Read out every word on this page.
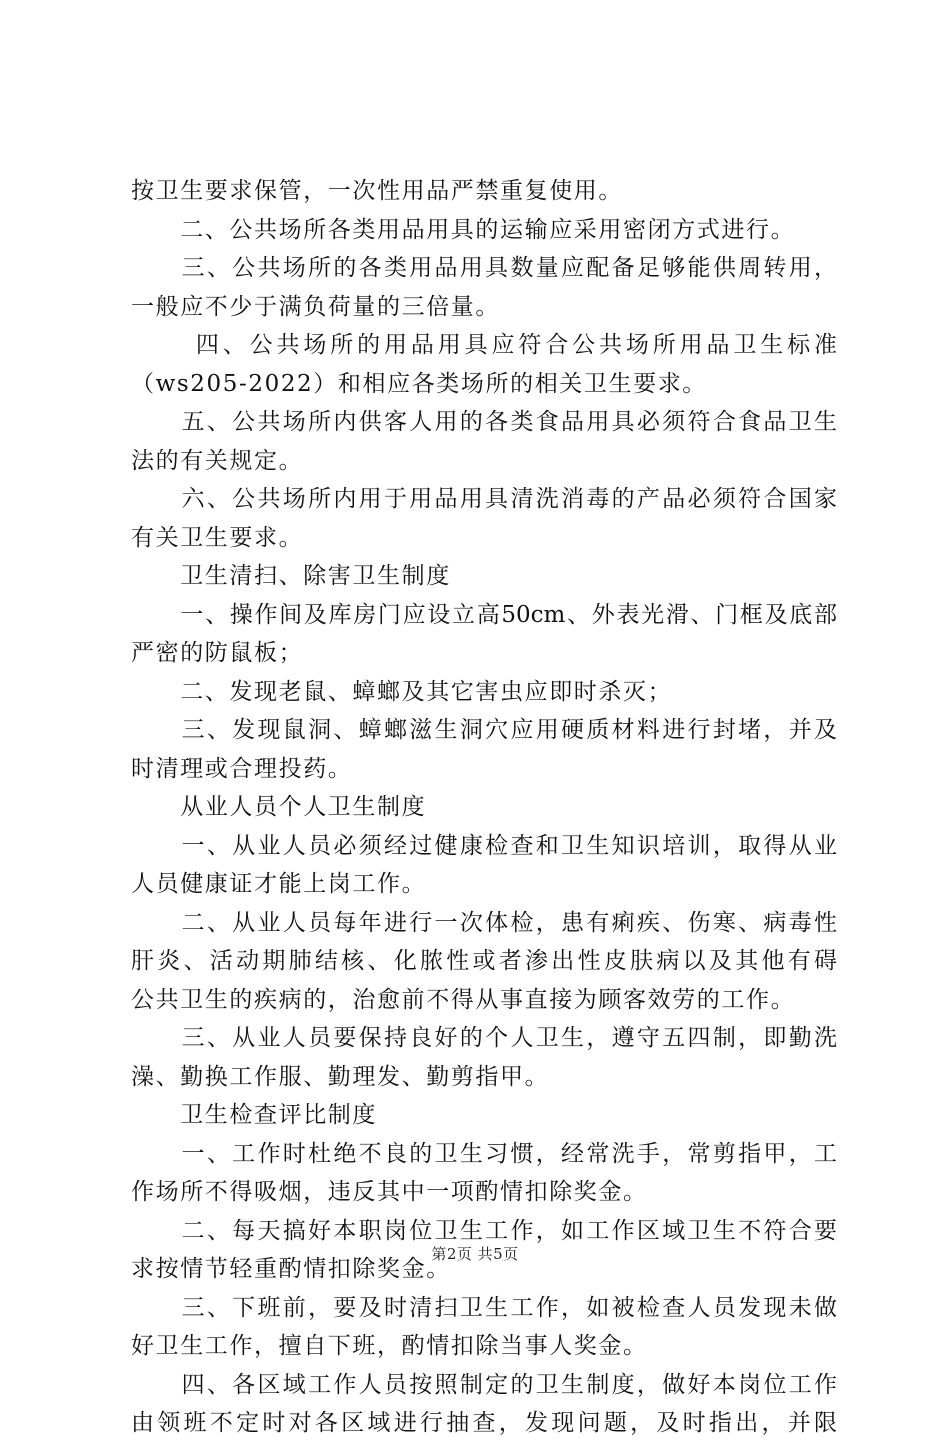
按卫生要求保管，一次性用品严禁重复使用。
　　二、公共场所各类用品用具的运输应采用密闭方式进行。
　　三、公共场所的各类用品用具数量应配备足够能供周转用，
一般应不少于满负荷量的三倍量。
　　 四、公共场所的用品用具应符合公共场所用品卫生标准
（ws205-2022）和相应各类场所的相关卫生要求。
　　五、公共场所内供客人用的各类食品用具必须符合食品卫生
法的有关规定。
　　六、公共场所内用于用品用具清洗消毒的产品必须符合国家
有关卫生要求。
　　卫生清扫、除害卫生制度
　　一、操作间及库房门应设立高50cm、外表光滑、门框及底部
严密的防鼠板；
　　二、发现老鼠、蟑螂及其它害虫应即时杀灭；
　　三、发现鼠洞、蟑螂滋生洞穴应用硬质材料进行封堵，并及
时清理或合理投药。
　　从业人员个人卫生制度
　　一、从业人员必须经过健康检查和卫生知识培训，取得从业
人员健康证才能上岗工作。
　　二、从业人员每年进行一次体检，患有痢疾、伤寒、病毒性
肝炎、活动期肺结核、化脓性或者渗出性皮肤病以及其他有碍
公共卫生的疾病的，治愈前不得从事直接为顾客效劳的工作。
　　三、从业人员要保持良好的个人卫生，遵守五四制，即勤洗
澡、勤换工作服、勤理发、勤剪指甲。
　　卫生检查评比制度
　　一、工作时杜绝不良的卫生习惯，经常洗手，常剪指甲，工
作场所不得吸烟，违反其中一项酌情扣除奖金。
　　二、每天搞好本职岗位卫生工作，如工作区域卫生不符合要
求按情节轻重酌情扣除奖金。
　　三、下班前，要及时清扫卫生工作，如被检查人员发现未做
好卫生工作，擅自下班，酌情扣除当事人奖金。
　　四、各区域工作人员按照制定的卫生制度，做好本岗位工作
由领班不定时对各区域进行抽查，发现问题，及时指出，并限
第2页 共5页
